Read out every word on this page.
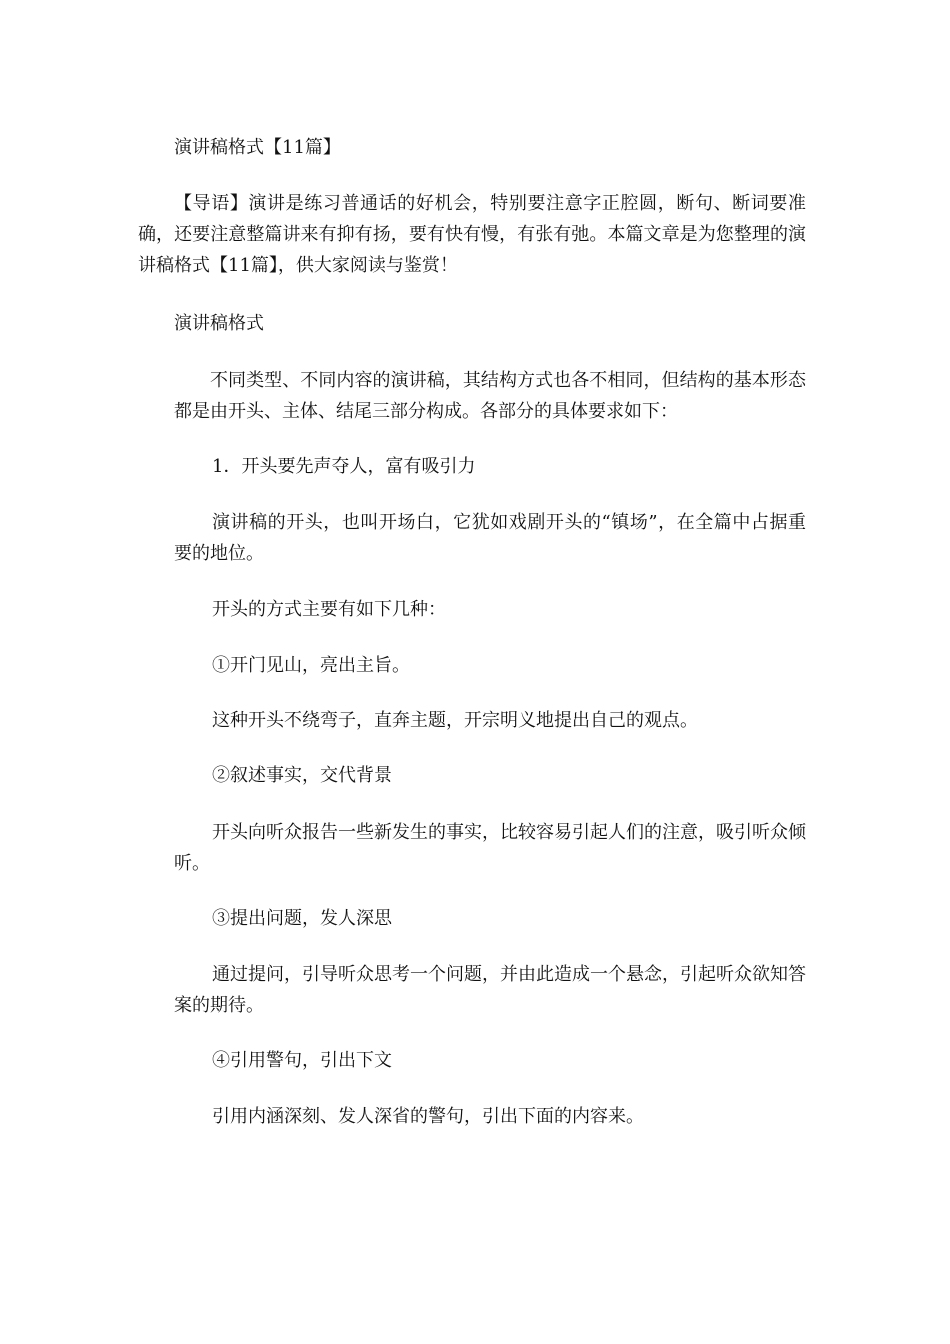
演讲稿格式【11篇】

【导语】演讲是练习普通话的好机会，特别要注意字正腔圆，断句、断词要准确，还要注意整篇讲来有抑有扬，要有快有慢，有张有弛。本篇文章是为您整理的演讲稿格式【11篇】，供大家阅读与鉴赏！

演讲稿格式

不同类型、不同内容的演讲稿，其结构方式也各不相同，但结构的基本形态都是由开头、主体、结尾三部分构成。各部分的具体要求如下：

1．开头要先声夺人，富有吸引力

演讲稿的开头，也叫开场白，它犹如戏剧开头的“镇场”，在全篇中占据重要的地位。

开头的方式主要有如下几种：
①开门见山，亮出主旨。
这种开头不绕弯子，直奔主题，开宗明义地提出自己的观点。
②叙述事实，交代背景

开头向听众报告一些新发生的事实，比较容易引起人们的注意，吸引听众倾听。

③提出问题，发人深思

通过提问，引导听众思考一个问题，并由此造成一个悬念，引起听众欲知答案的期待。

④引用警句，引出下文
引用内涵深刻、发人深省的警句，引出下面的内容来。
